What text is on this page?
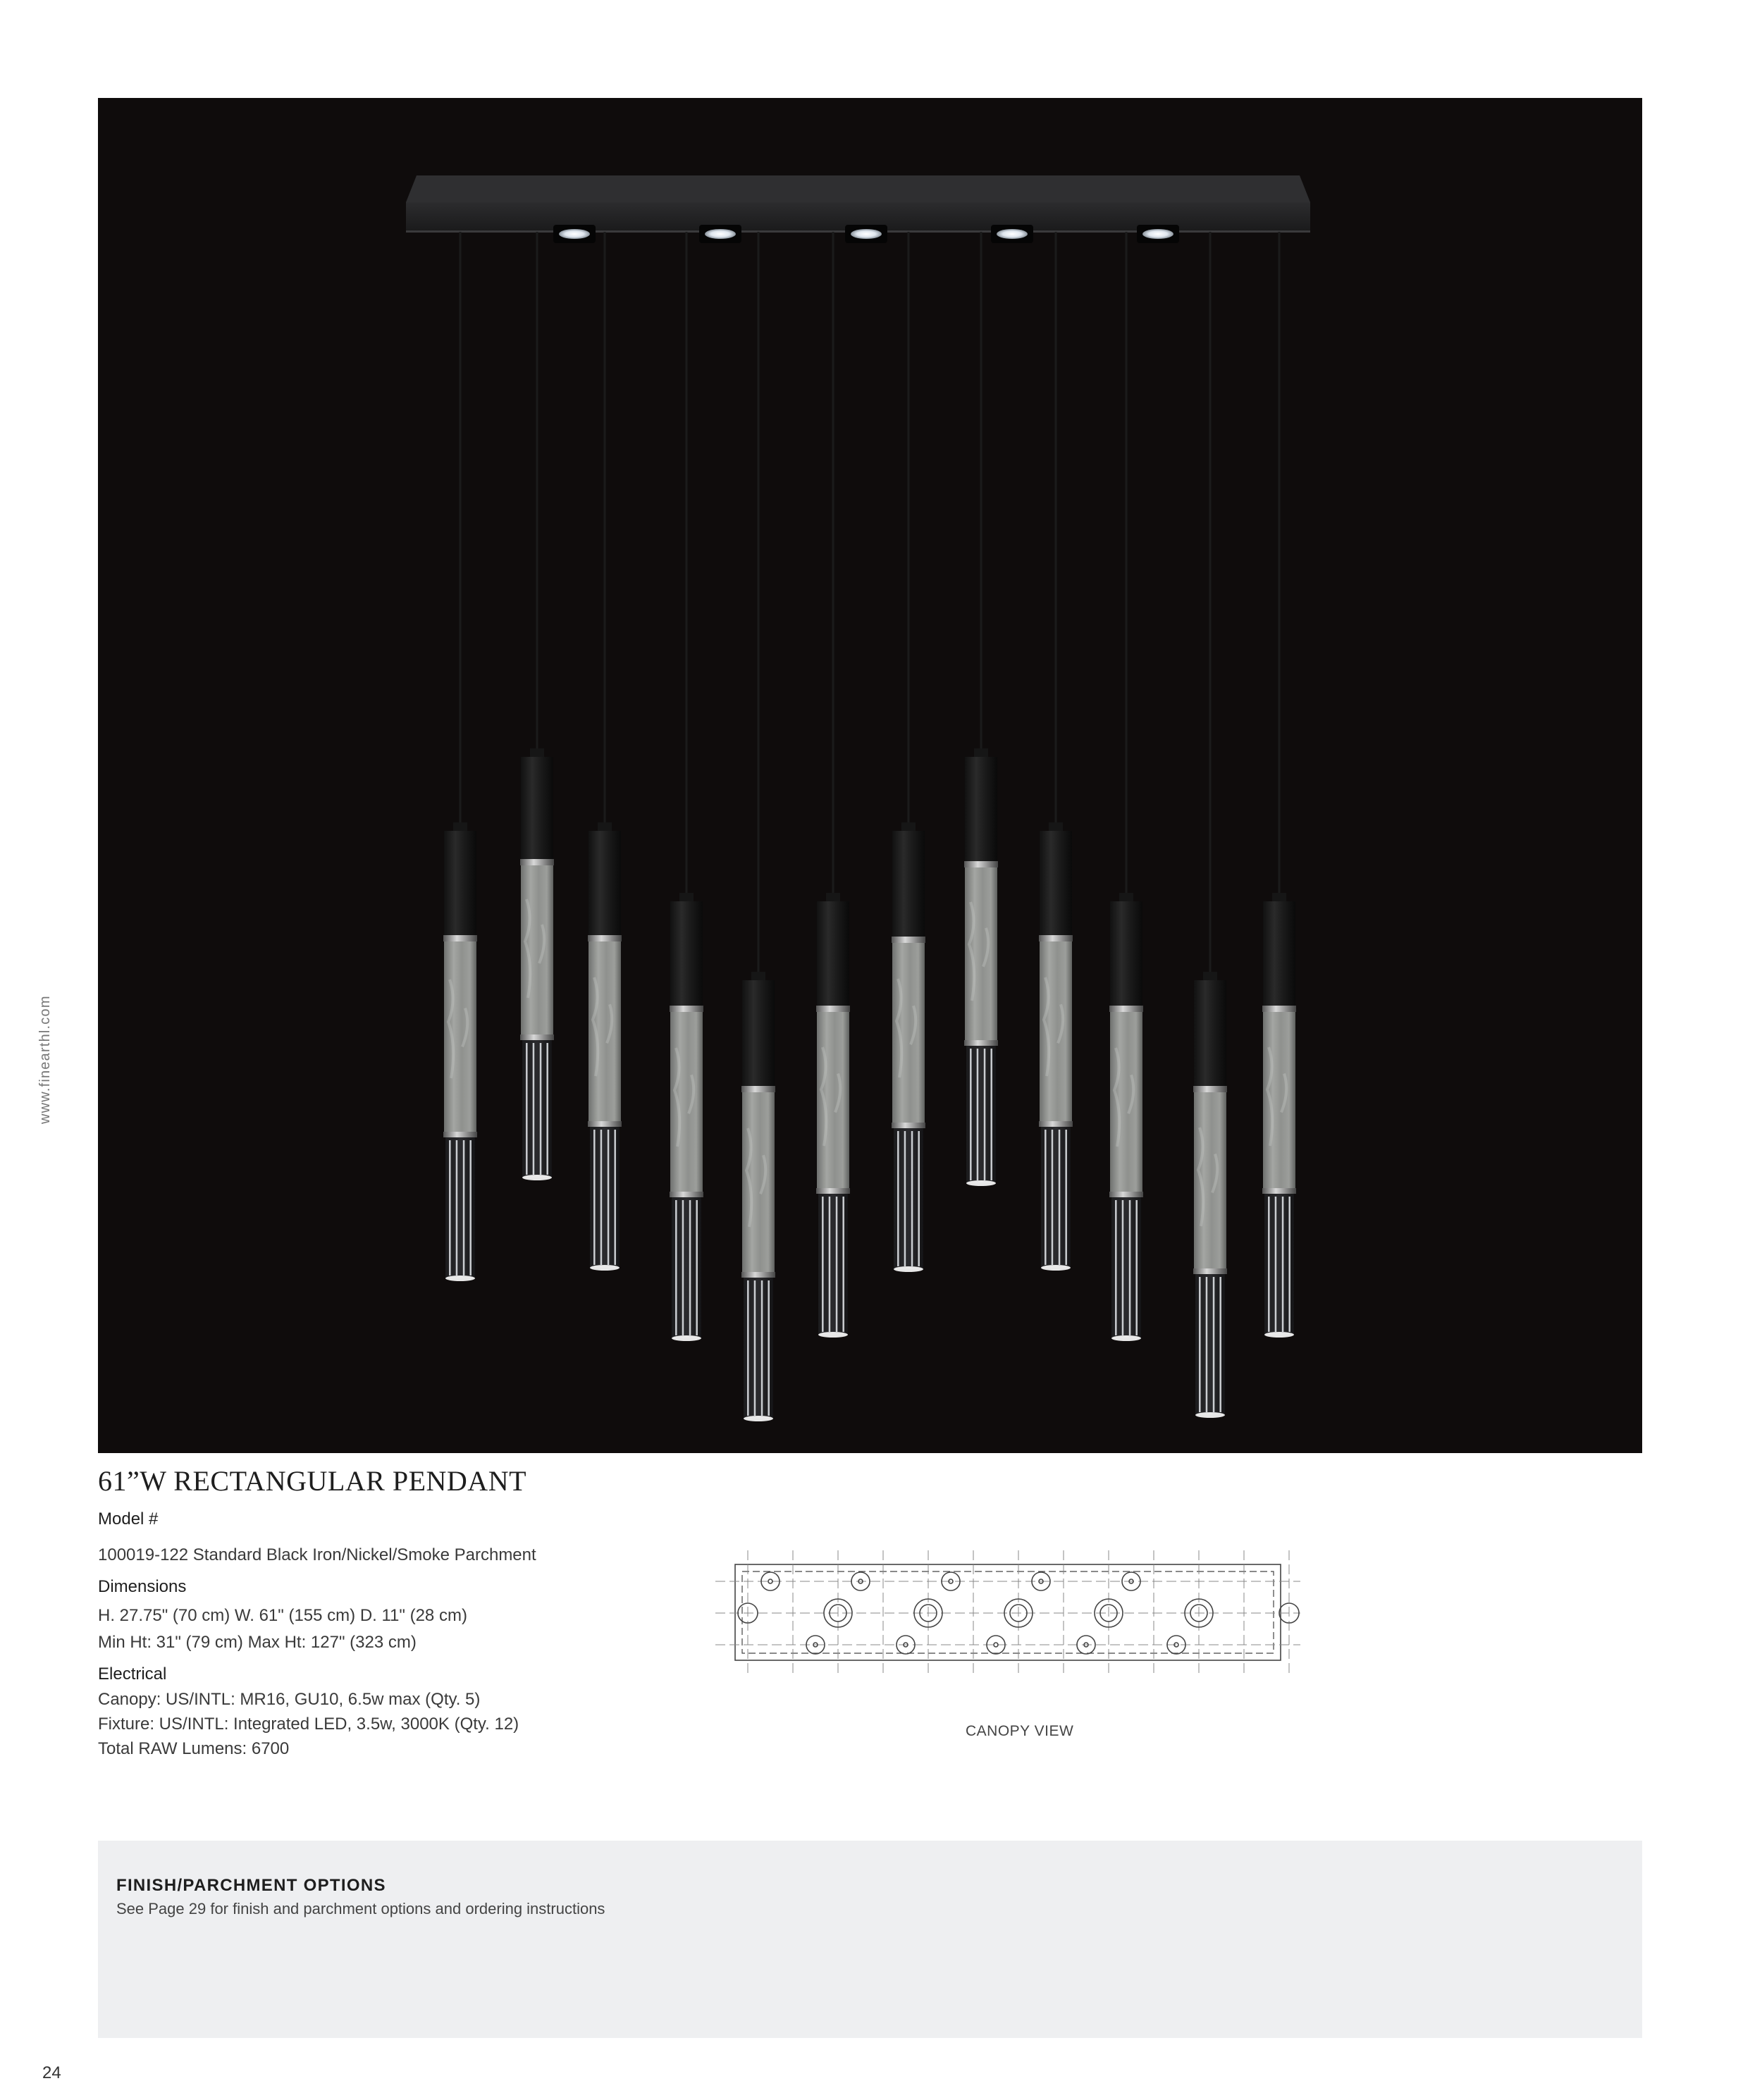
www.finearthl.com
61”W RECTANGULAR PENDANT
Model #
100019-122 Standard Black Iron/Nickel/Smoke Parchment
Dimensions
H. 27.75" (70 cm) W. 61" (155 cm) D. 11" (28 cm)
Min Ht: 31" (79 cm) Max Ht: 127" (323 cm)
Electrical
Canopy: US/INTL: MR16, GU10, 6.5w max (Qty. 5)
Fixture: US/INTL: Integrated LED, 3.5w, 3000K (Qty. 12)
Total RAW Lumens: 6700
CANOPY VIEW
FINISH/PARCHMENT OPTIONS
See Page 29 for finish and parchment options and ordering instructions
24
